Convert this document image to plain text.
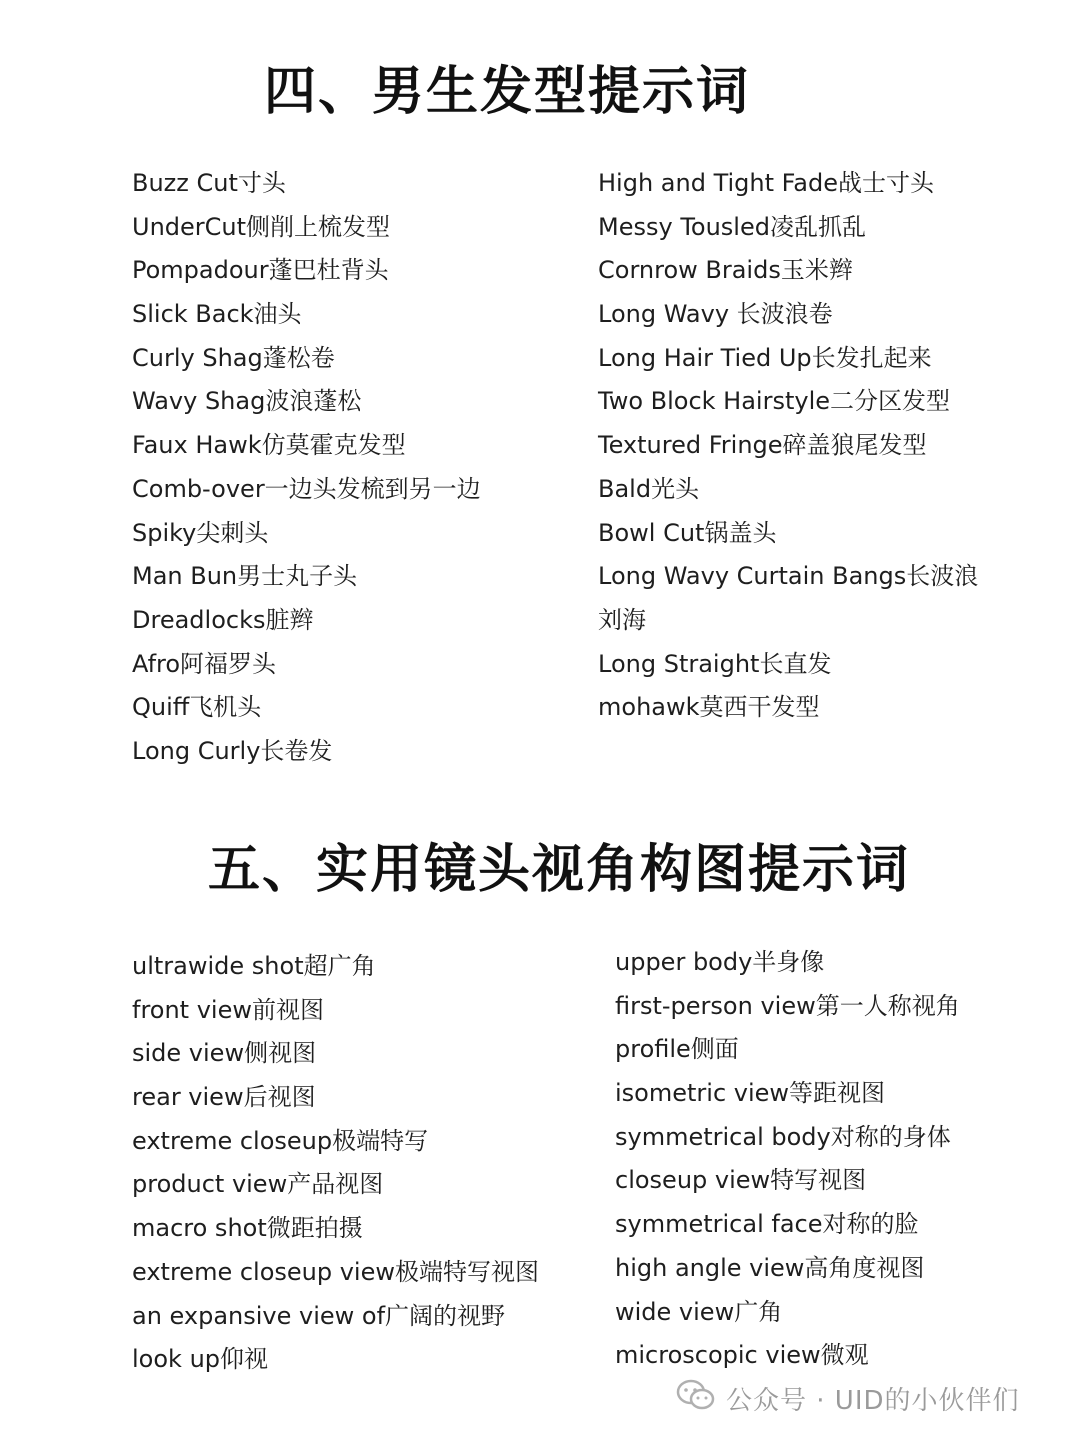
四、男生发型提示词
Buzz Cut寸头
UnderCut侧削上梳发型
Pompadour蓬巴杜背头
Slick Back油头
Curly Shag蓬松卷
Wavy Shag波浪蓬松
Faux Hawk仿莫霍克发型
Comb-over一边头发梳到另一边
Spiky尖刺头
Man Bun男士丸子头
Dreadlocks脏辫
Afro阿福罗头
Quiff飞机头
Long Curly长卷发
High and Tight Fade战士寸头
Messy Tousled凌乱抓乱
Cornrow Braids玉米辫
Long Wavy 长波浪卷
Long Hair Tied Up长发扎起来
Two Block Hairstyle二分区发型
Textured Fringe碎盖狼尾发型
Bald光头
Bowl Cut锅盖头
Long Wavy Curtain Bangs长波浪
刘海
Long Straight长直发
mohawk莫西干发型
五、实用镜头视角构图提示词
ultrawide shot超广角
front view前视图
side view侧视图
rear view后视图
extreme closeup极端特写
product view产品视图
macro shot微距拍摄
extreme closeup view极端特写视图
an expansive view of广阔的视野
look up仰视
upper body半身像
first-person view第一人称视角
profile侧面
isometric view等距视图
symmetrical body对称的身体
closeup view特写视图
symmetrical face对称的脸
high angle view高角度视图
wide view广角
microscopic view微观
公众号 · UID的小伙伴们
